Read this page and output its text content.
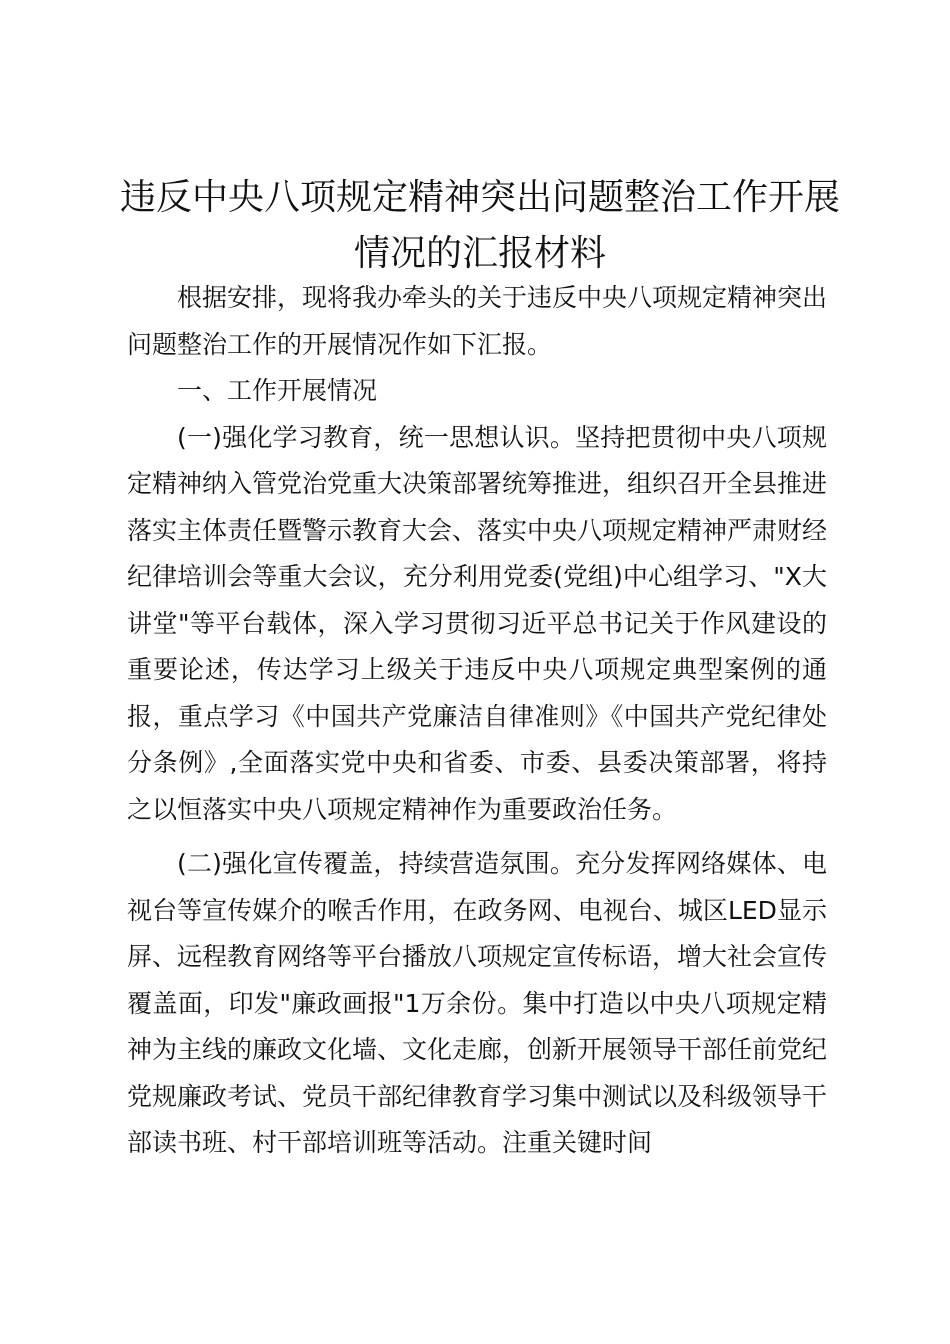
违反中央八项规定精神突出问题整治工作开展
情况的汇报材料

根据安排，现将我办牵头的关于违反中央八项规定精神突出问题整治工作的开展情况作如下汇报。

一、工作开展情况

(一)强化学习教育，统一思想认识。坚持把贯彻中央八项规定精神纳入管党治党重大决策部署统筹推进，组织召开全县推进落实主体责任暨警示教育大会、落实中央八项规定精神严肃财经纪律培训会等重大会议，充分利用党委(党组)中心组学习、"X大讲堂"等平台载体，深入学习贯彻习近平总书记关于作风建设的重要论述，传达学习上级关于违反中央八项规定典型案例的通报，重点学习《中国共产党廉洁自律准则》《中国共产党纪律处分条例》,全面落实党中央和省委、市委、县委决策部署，将持之以恒落实中央八项规定精神作为重要政治任务。

(二)强化宣传覆盖，持续营造氛围。充分发挥网络媒体、电视台等宣传媒介的喉舌作用，在政务网、电视台、城区LED显示屏、远程教育网络等平台播放八项规定宣传标语，增大社会宣传覆盖面，印发"廉政画报"1万余份。集中打造以中央八项规定精神为主线的廉政文化墙、文化走廊，创新开展领导干部任前党纪党规廉政考试、党员干部纪律教育学习集中测试以及科级领导干部读书班、村干部培训班等活动。注重关键时间
